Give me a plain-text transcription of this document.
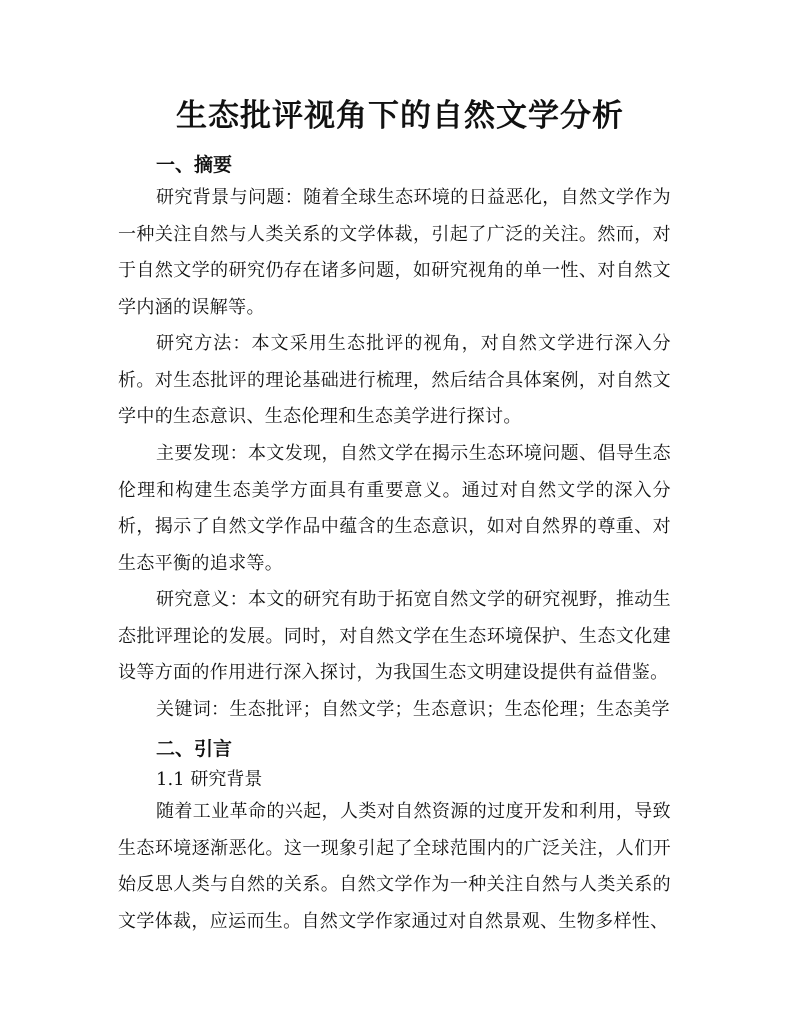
生态批评视角下的自然文学分析
一、摘要
研究背景与问题：随着全球生态环境的日益恶化，自然文学作为一种关注自然与人类关系的文学体裁，引起了广泛的关注。然而，对于自然文学的研究仍存在诸多问题，如研究视角的单一性、对自然文学内涵的误解等。
研究方法：本文采用生态批评的视角，对自然文学进行深入分析。对生态批评的理论基础进行梳理，然后结合具体案例，对自然文学中的生态意识、生态伦理和生态美学进行探讨。
主要发现：本文发现，自然文学在揭示生态环境问题、倡导生态伦理和构建生态美学方面具有重要意义。通过对自然文学的深入分析，揭示了自然文学作品中蕴含的生态意识，如对自然界的尊重、对生态平衡的追求等。
研究意义：本文的研究有助于拓宽自然文学的研究视野，推动生态批评理论的发展。同时，对自然文学在生态环境保护、生态文化建设等方面的作用进行深入探讨，为我国生态文明建设提供有益借鉴。
关键词：生态批评；自然文学；生态意识；生态伦理；生态美学
二、引言
1.1 研究背景
随着工业革命的兴起，人类对自然资源的过度开发和利用，导致生态环境逐渐恶化。这一现象引起了全球范围内的广泛关注，人们开始反思人类与自然的关系。自然文学作为一种关注自然与人类关系的文学体裁，应运而生。自然文学作家通过对自然景观、生物多样性、
